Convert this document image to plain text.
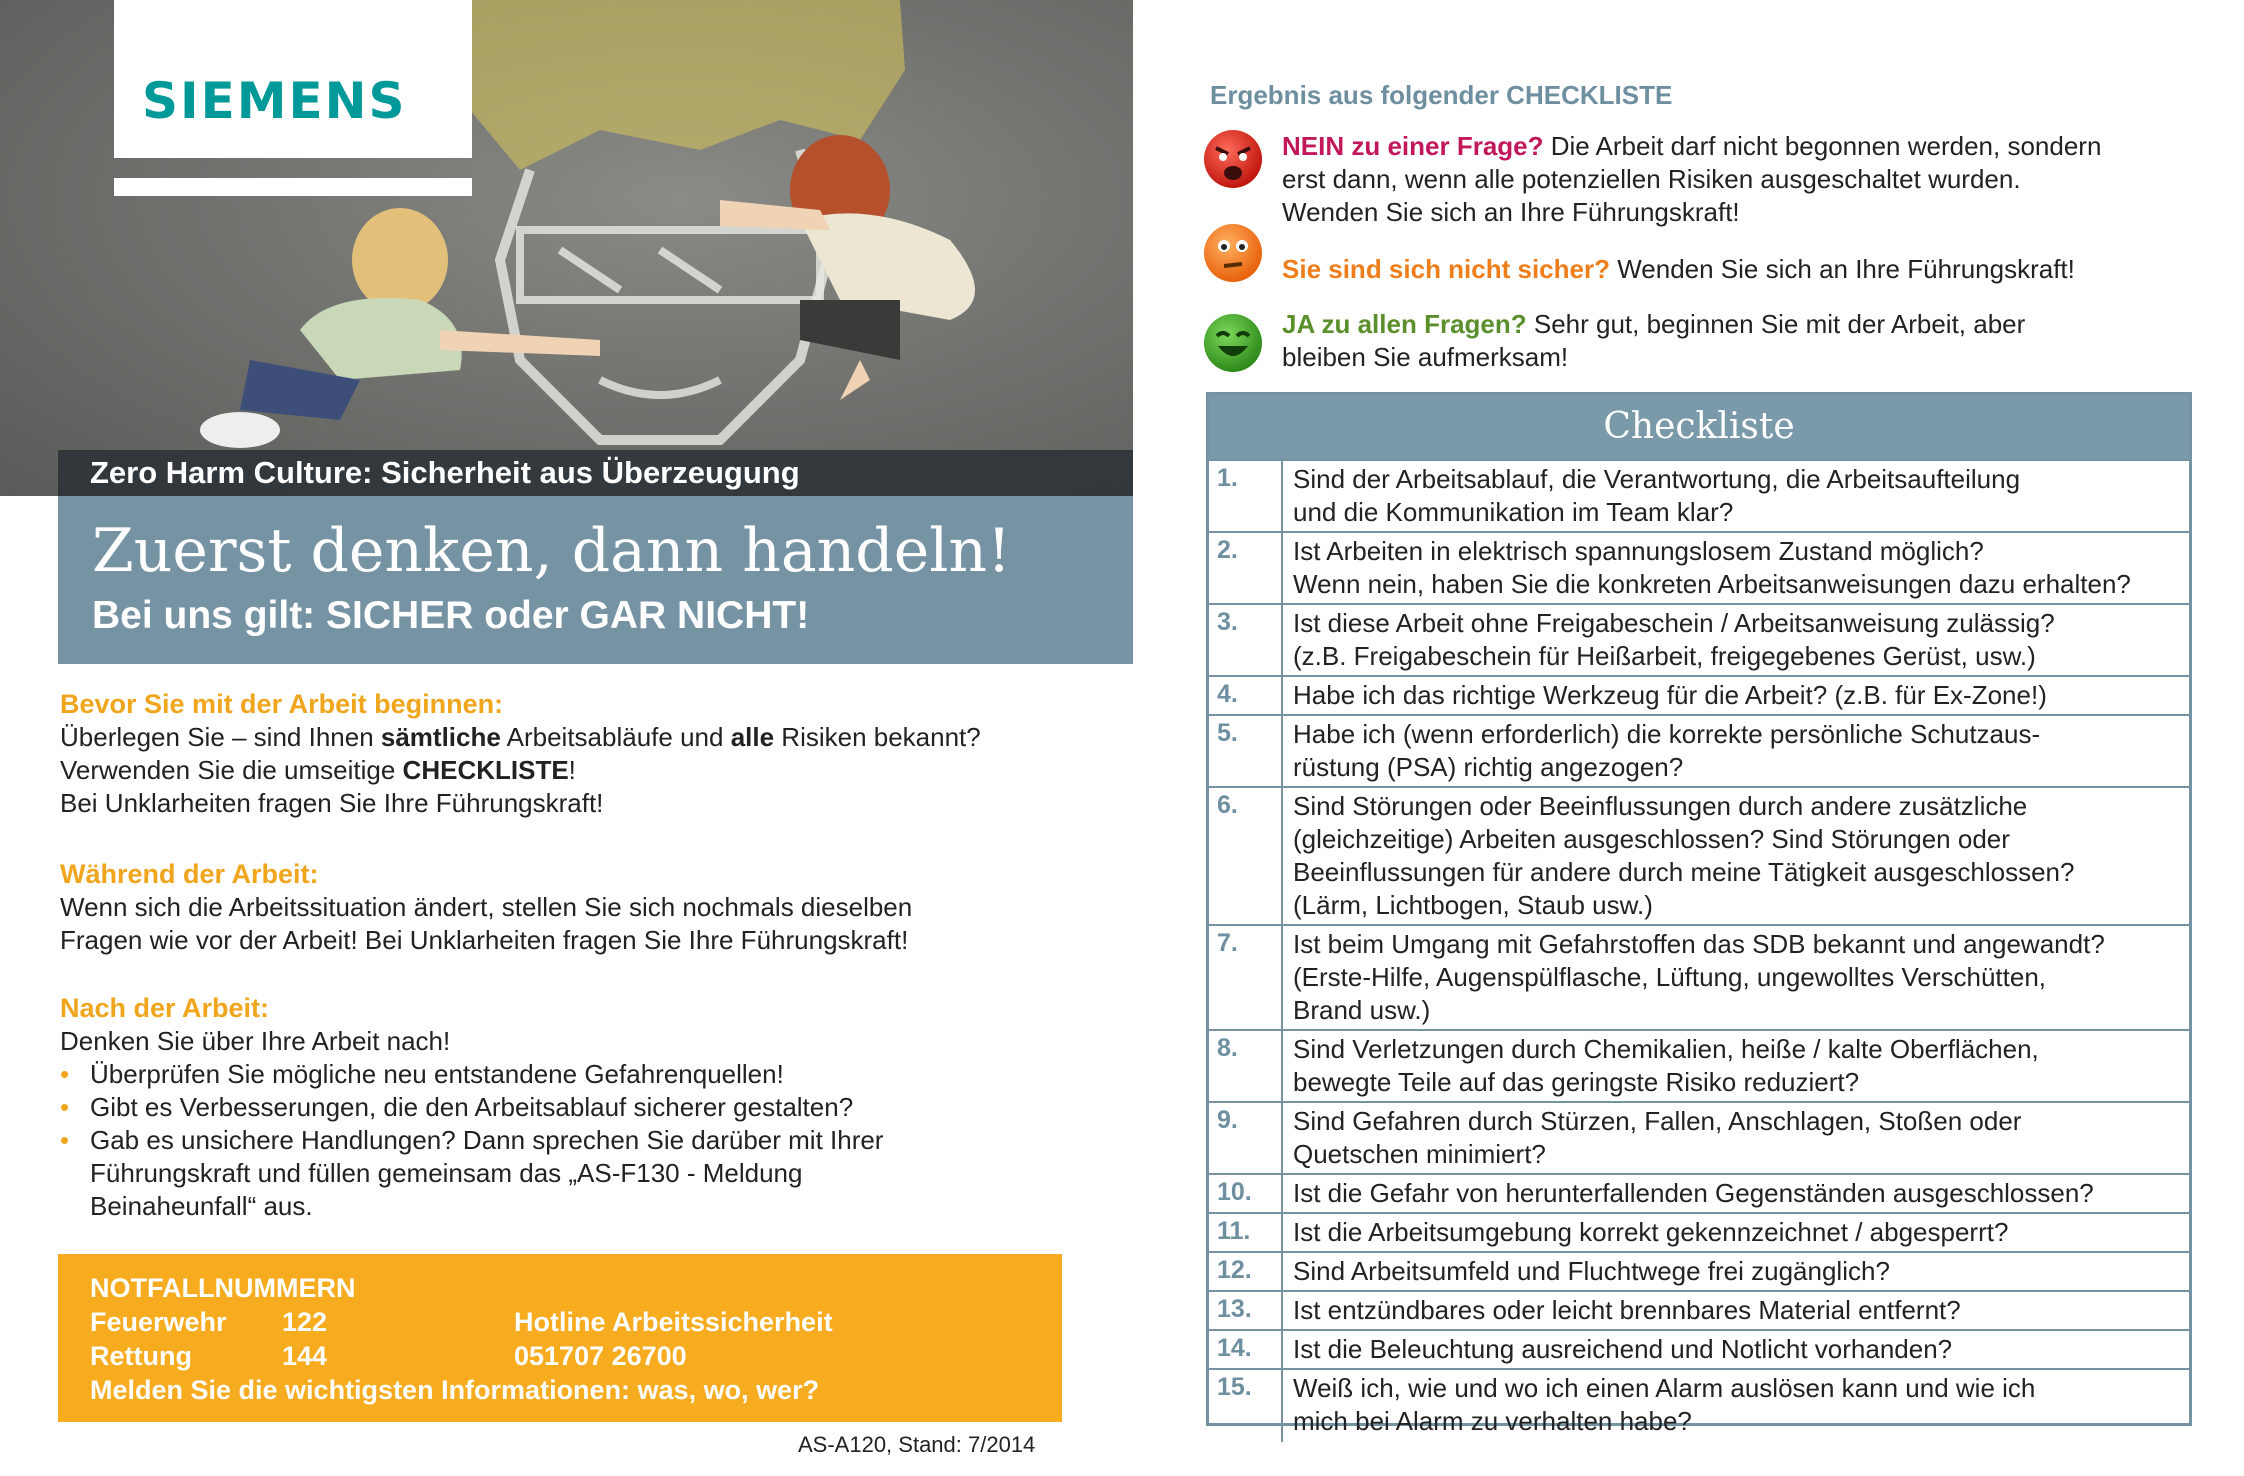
SIEMENS
Zero Harm Culture: Sicherheit aus Überzeugung
Zuerst denken, dann handeln!
Bei uns gilt: SICHER oder GAR NICHT!
Bevor Sie mit der Arbeit beginnen:
Überlegen Sie – sind Ihnen sämtliche Arbeitsabläufe und alle Risiken bekannt?
Verwenden Sie die umseitige CHECKLISTE!
Bei Unklarheiten fragen Sie Ihre Führungskraft!
Während der Arbeit:
Wenn sich die Arbeitssituation ändert, stellen Sie sich nochmals dieselben
Fragen wie vor der Arbeit! Bei Unklarheiten fragen Sie Ihre Führungskraft!
Nach der Arbeit:
Denken Sie über Ihre Arbeit nach!
• Überprüfen Sie mögliche neu entstandene Gefahrenquellen!
• Gibt es Verbesserungen, die den Arbeitsablauf sicherer gestalten?
• Gab es unsichere Handlungen? Dann sprechen Sie darüber mit Ihrer
Führungskraft und füllen gemeinsam das „AS-F130 - Meldung
Beinaheunfall“ aus.
NOTFALLNUMMERN
Feuerwehr 122	Hotline Arbeitssicherheit
Rettung	144	051707 26700
Melden Sie die wichtigsten Informationen: was, wo, wer?
AS-A120, Stand: 7/2014
Ergebnis aus folgender CHECKLISTE
NEIN zu einer Frage? Die Arbeit darf nicht begonnen werden, sondern
erst dann, wenn alle potenziellen Risiken ausgeschaltet wurden.
Wenden Sie sich an Ihre Führungskraft!
Sie sind sich nicht sicher? Wenden Sie sich an Ihre Führungskraft!
JA zu allen Fragen? Sehr gut, beginnen Sie mit der Arbeit, aber
bleiben Sie aufmerksam!
Checkliste
1.	Sind der Arbeitsablauf, die Verantwortung, die Arbeitsaufteilung
und die Kommunikation im Team klar?
2.	Ist Arbeiten in elektrisch spannungslosem Zustand möglich?
Wenn nein, haben Sie die konkreten Arbeitsanweisungen dazu erhalten?
3.	Ist diese Arbeit ohne Freigabeschein / Arbeitsanweisung zulässig?
(z.B. Freigabeschein für Heißarbeit, freigegebenes Gerüst, usw.)
4.	Habe ich das richtige Werkzeug für die Arbeit? (z.B. für Ex-Zone!)
5.	Habe ich (wenn erforderlich) die korrekte persönliche Schutzaus-
rüstung (PSA) richtig angezogen?
6.	Sind Störungen oder Beeinflussungen durch andere zusätzliche
(gleichzeitige) Arbeiten ausgeschlossen? Sind Störungen oder
Beeinflussungen für andere durch meine Tätigkeit ausgeschlossen?
(Lärm, Lichtbogen, Staub usw.)
7.	Ist beim Umgang mit Gefahrstoffen das SDB bekannt und angewandt?
(Erste-Hilfe, Augenspülflasche, Lüftung, ungewolltes Verschütten,
Brand usw.)
8.	Sind Verletzungen durch Chemikalien, heiße / kalte Oberflächen,
bewegte Teile auf das geringste Risiko reduziert?
9.	Sind Gefahren durch Stürzen, Fallen, Anschlagen, Stoßen oder
Quetschen minimiert?
10.	Ist die Gefahr von herunterfallenden Gegenständen ausgeschlossen?
11.	Ist die Arbeitsumgebung korrekt gekennzeichnet / abgesperrt?
12.	Sind Arbeitsumfeld und Fluchtwege frei zugänglich?
13.	Ist entzündbares oder leicht brennbares Material entfernt?
14.	Ist die Beleuchtung ausreichend und Notlicht vorhanden?
15.	Weiß ich, wie und wo ich einen Alarm auslösen kann und wie ich
mich bei Alarm zu verhalten habe?
